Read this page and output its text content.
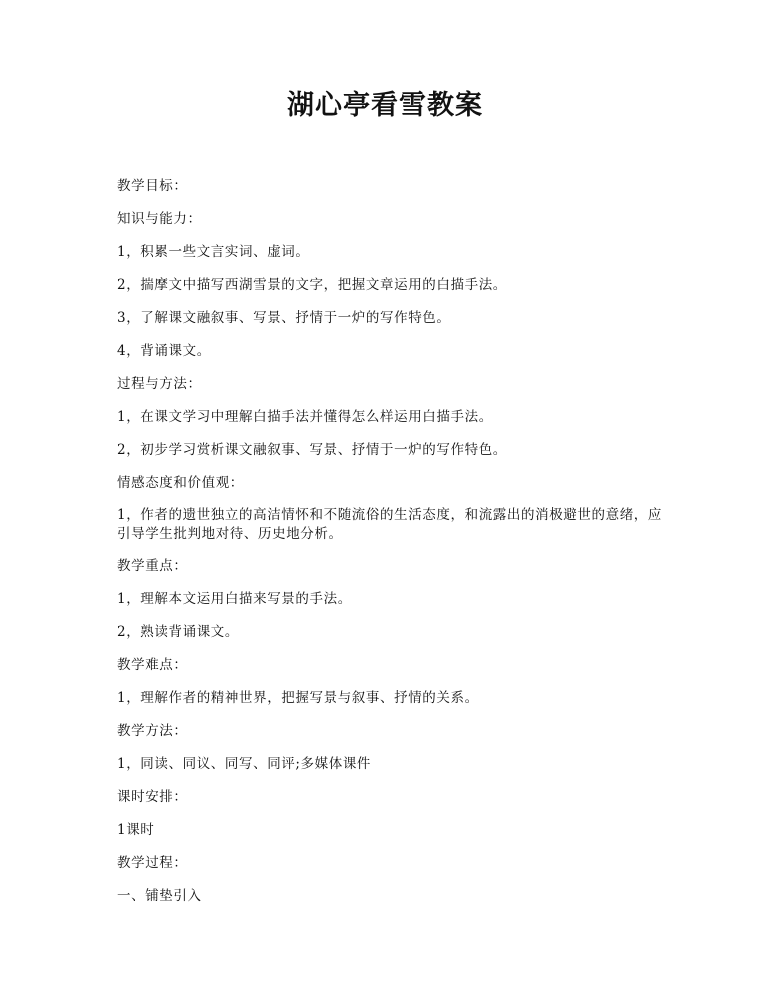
湖心亭看雪教案

教学目标：

知识与能力：

1，积累一些文言实词、虚词。

2，揣摩文中描写西湖雪景的文字，把握文章运用的白描手法。

3，了解课文融叙事、写景、抒情于一炉的写作特色。

4，背诵课文。

过程与方法：

1，在课文学习中理解白描手法并懂得怎么样运用白描手法。

2，初步学习赏析课文融叙事、写景、抒情于一炉的写作特色。

情感态度和价值观：

1，作者的遗世独立的高洁情怀和不随流俗的生活态度，和流露出的消极避世的意绪，应引导学生批判地对待、历史地分析。

教学重点：

1，理解本文运用白描来写景的手法。

2，熟读背诵课文。

教学难点：

1，理解作者的精神世界，把握写景与叙事、抒情的关系。

教学方法：

1，同读、同议、同写、同评;多媒体课件

课时安排：

1课时

教学过程：

一、铺垫引入
